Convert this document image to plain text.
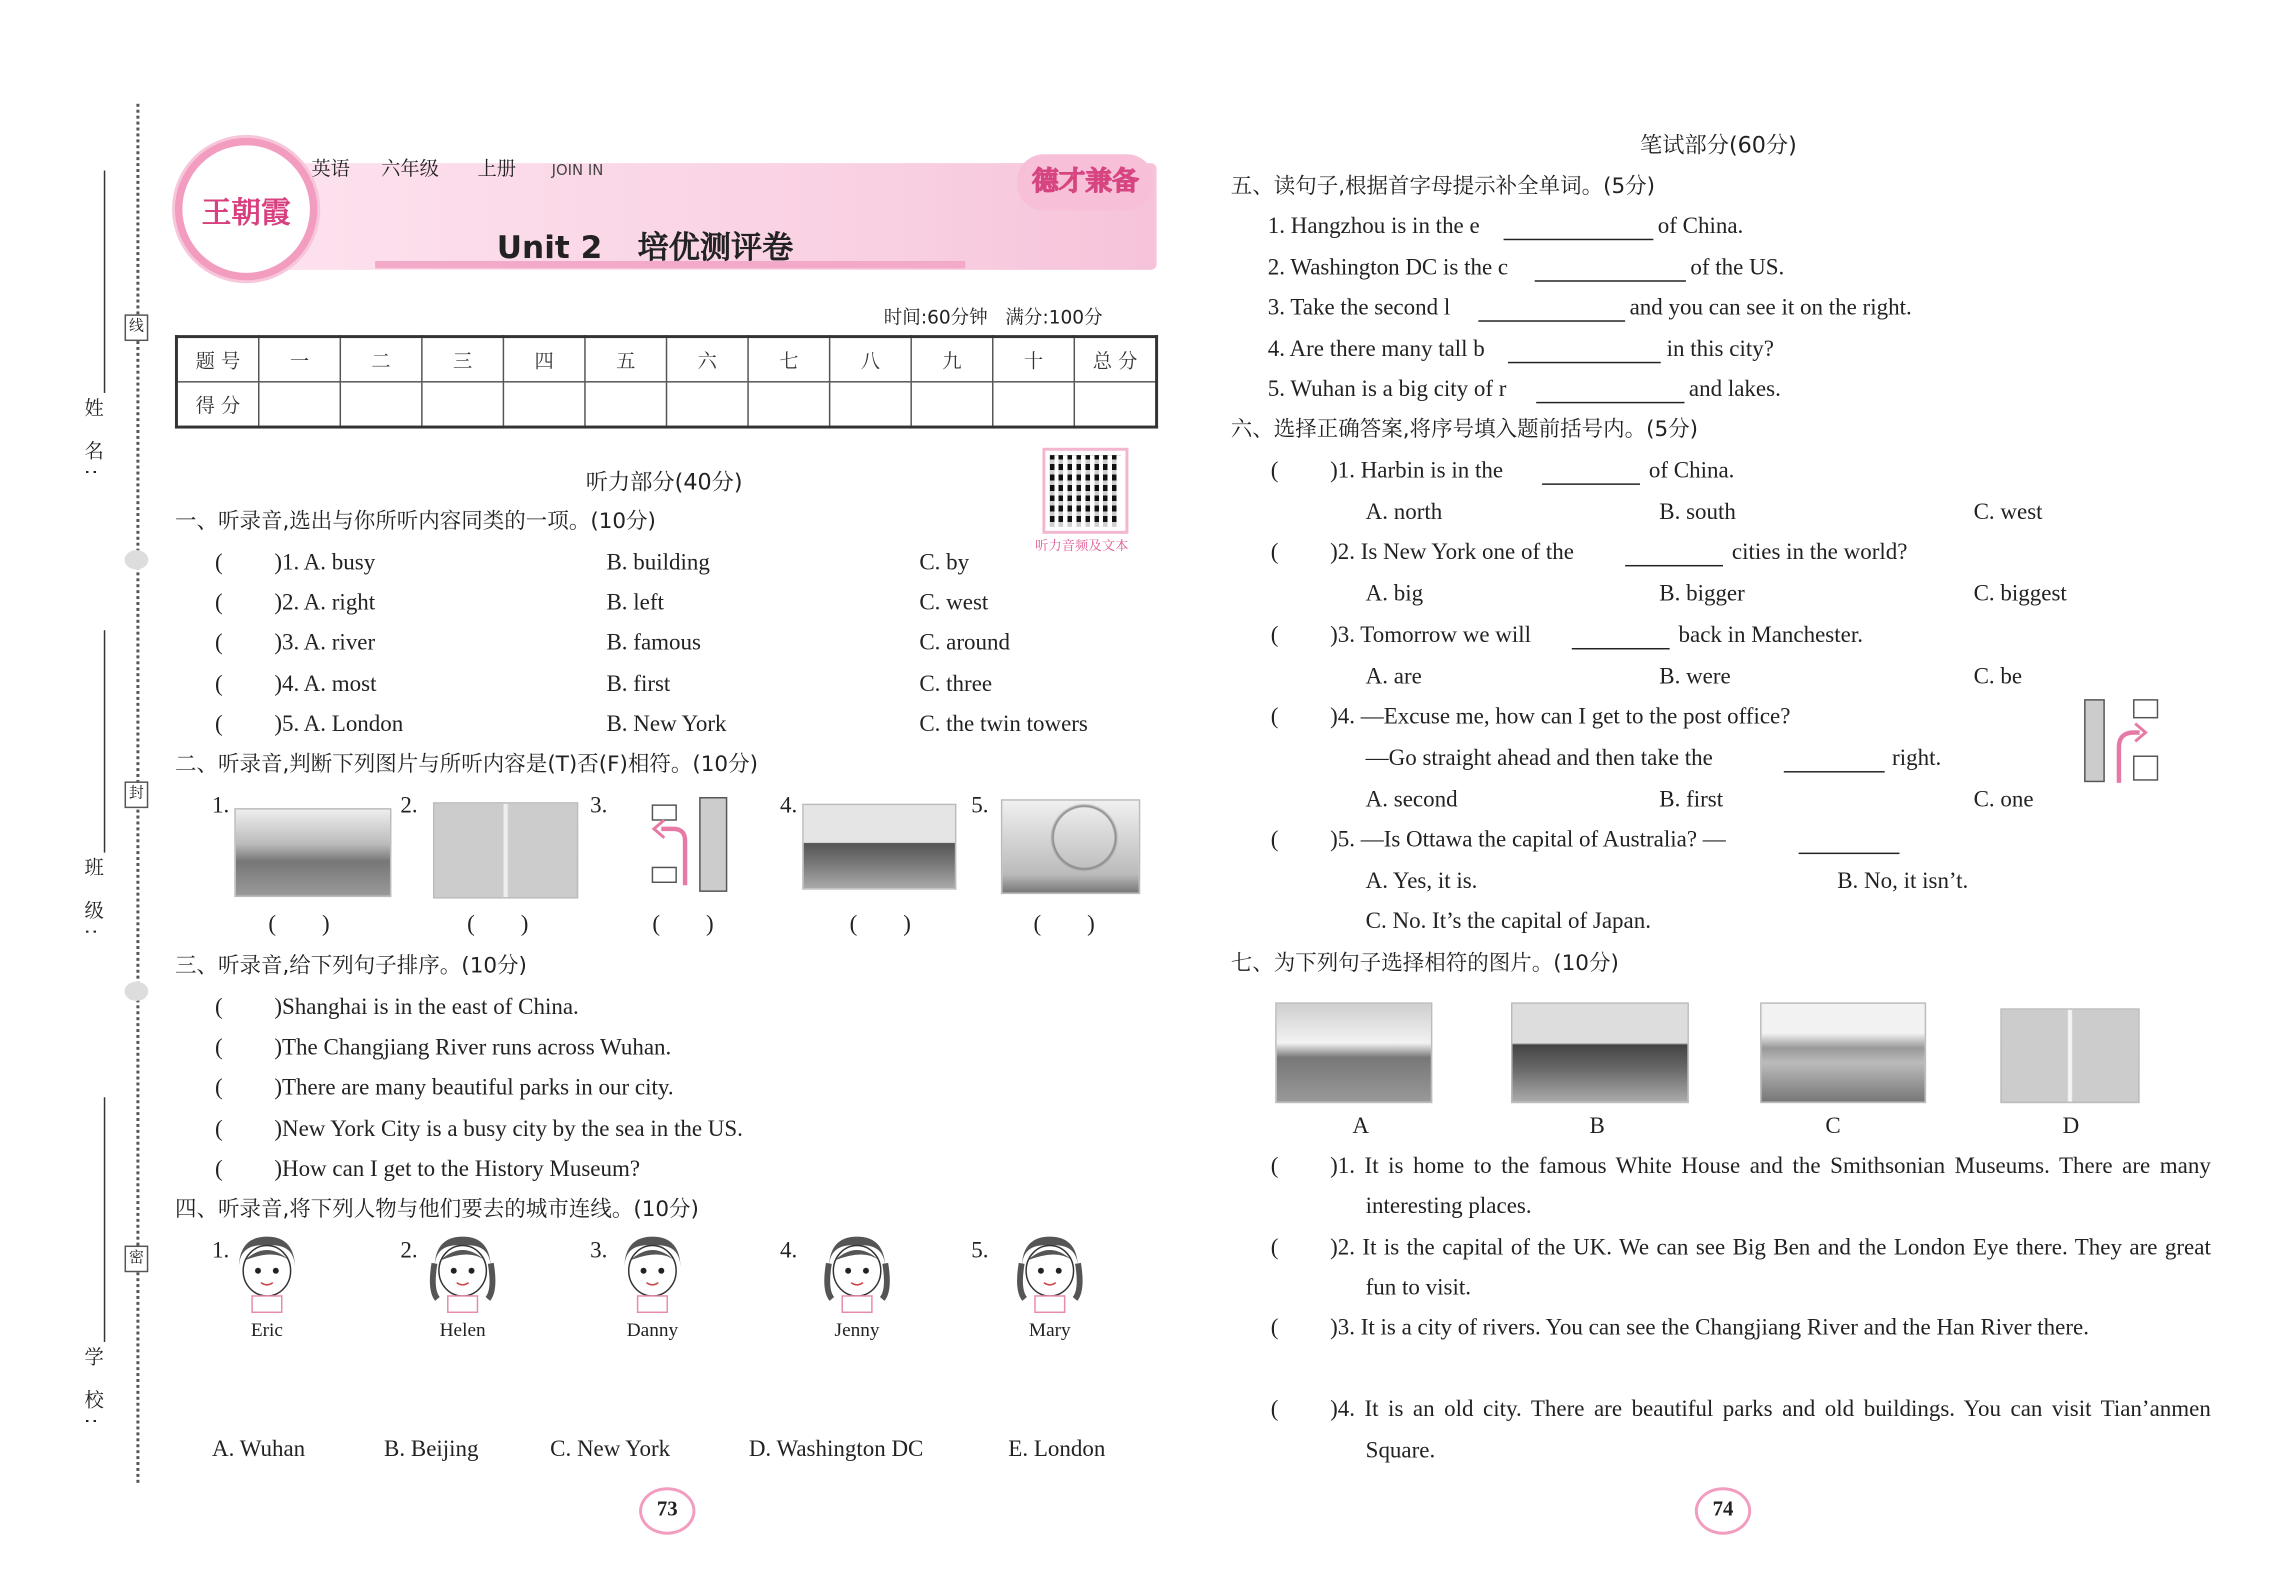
姓 名:
班 级:
学 校:
线
封
密
王朝霞
德才兼备
英语 六年级	上册	JOIN IN
Unit 2 培优测评卷
时间:60分钟   满分:100分
题 号	一	二	三	四	五	六	七	八	九	十	总 分
得 分											
听力部分(40分)
听力音频及文本
一、听录音,选出与你所听内容同类的一项。(10分)
(	)1. A. busy	B. building	C. by
(	)2. A. right	B. left	C. west
(	)3. A. river	B. famous	C. around
(	)4. A. most	B. first	C. three
(	)5. A. London	B. New York	C. the twin towers
二、听录音,判断下列图片与所听内容是(T)否(F)相符。(10分)
1.
(　　)
2.
(　　)
3.
(　　)
4.
(　　)
5.
(　　)
三、听录音,给下列句子排序。(10分)
(	)Shanghai is in the east of China.
(	)The Changjiang River runs across Wuhan.
(	)There are many beautiful parks in our city.
(	)New York City is a busy city by the sea in the US.
(	)How can I get to the History Museum?
四、听录音,将下列人物与他们要去的城市连线。(10分)
1.
Eric
2.
Helen
3.
Danny
4.
Jenny
5.
Mary
A. Wuhan	B. Beijing	C. New York	D. Washington DC	E. London
笔试部分(60分)
五、读句子,根据首字母提示补全单词。(5分)
1. Hangzhou is in the e	of China.
2. Washington DC is the c	of the US.
3. Take the second l	and you can see it on the right.
4. Are there many tall b	in this city?
5. Wuhan is a big city of r	and lakes.
六、选择正确答案,将序号填入题前括号内。(5分)
(	)1. Harbin is in the	of China.
A. north	B. south	C. west
(	)2. Is New York one of the	cities in the world?
A. big	B. bigger	C. biggest
(	)3. Tomorrow we will	back in Manchester.
A. are	B. were	C. be
(	)4. —Excuse me, how can I get to the post office?
—Go straight ahead and then take the	right.
A. second	B. first	C. one
(	)5. —Is Ottawa the capital of Australia? —
A. Yes, it is.	B. No, it isn’t.
C. No. It’s the capital of Japan.
七、为下列句子选择相符的图片。(10分)
A	B	C	D
(	)1. It is home to the famous White House and the Smithsonian Museums. There are many interesting places.
(	)2. It is the capital of the UK. We can see Big Ben and the London Eye there. They are great fun to visit.
(	)3. It is a city of rivers. You can see the Changjiang River and the Han River there.
(	)4. It is an old city. There are beautiful parks and old buildings. You can visit Tian’anmen Square.
73	74
